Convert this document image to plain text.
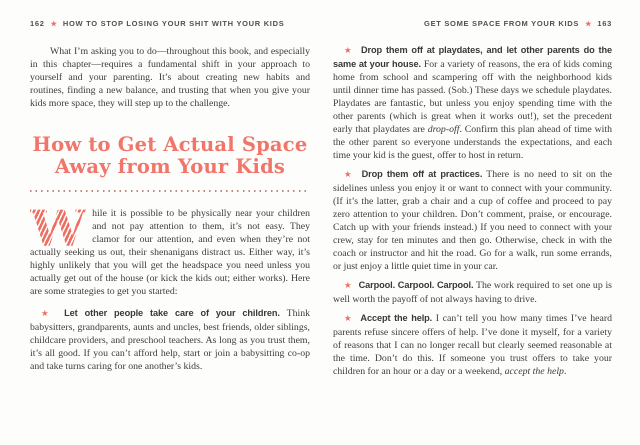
162 ★ HOW TO STOP LOSING YOUR SHIT WITH YOUR KIDS

What I’m asking you to do—throughout this book, and especially in this chapter—requires a fundamental shift in your approach to yourself and your parenting. It’s about creating new habits and routines, finding a new balance, and trusting that when you give your kids more space, they will step up to the challenge.

How to Get Actual Space
Away from Your Kids

W hile it is possible to be physically near your children and not pay attention to them, it’s not easy. They clamor for our attention, and even when they’re not actually seeking us out, their shenanigans distract us. Either way, it’s highly unlikely that you will get the headspace you need unless you actually get out of the house (or kick the kids out; either works). Here are some strategies to get you started:

★ Let other people take care of your children. Think babysitters, grandparents, aunts and uncles, best friends, older siblings, childcare providers, and preschool teachers. As long as you trust them, it’s all good. If you can’t afford help, start or join a babysitting co-op and take turns caring for one another’s kids.

GET SOME SPACE FROM YOUR KIDS ★ 163

★ Drop them off at playdates, and let other parents do the same at your house. For a variety of reasons, the era of kids coming home from school and scampering off with the neighborhood kids until dinner time has passed. (Sob.) These days we schedule playdates. Playdates are fantastic, but unless you enjoy spending time with the other parents (which is great when it works out!), set the precedent early that playdates are drop-off. Confirm this plan ahead of time with the other parent so everyone understands the expectations, and each time your kid is the guest, offer to host in return.

★ Drop them off at practices. There is no need to sit on the sidelines unless you enjoy it or want to connect with your community. (If it’s the latter, grab a chair and a cup of coffee and proceed to pay zero attention to your children. Don’t comment, praise, or encourage. Catch up with your friends instead.) If you need to connect with your crew, stay for ten minutes and then go. Otherwise, check in with the coach or instructor and hit the road. Go for a walk, run some errands, or just enjoy a little quiet time in your car.

★ Carpool. Carpool. Carpool. The work required to set one up is well worth the payoff of not always having to drive.

★ Accept the help. I can’t tell you how many times I’ve heard parents refuse sincere offers of help. I’ve done it myself, for a variety of reasons that I can no longer recall but clearly seemed reasonable at the time. Don’t do this. If someone you trust offers to take your children for an hour or a day or a weekend, accept the help.
